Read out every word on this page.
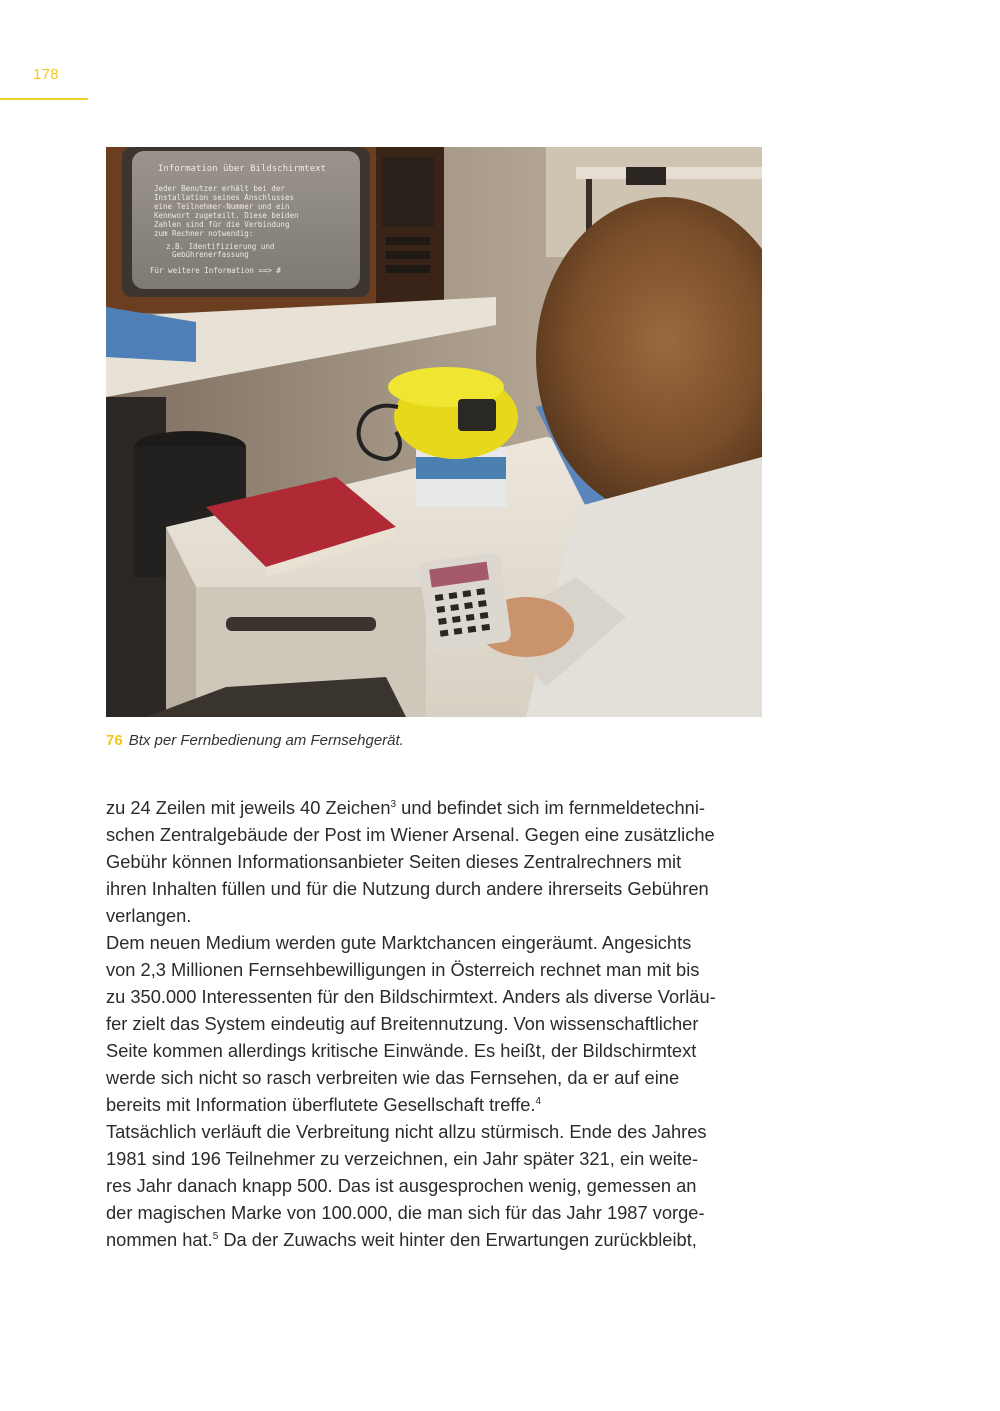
178
Information über Bildschirmtext
Jeder Benutzer erhält bei der
Installation seines Anschlusses
eine Teilnehmer-Nummer und ein
Kennwort zugeteilt. Diese beiden
Zahlen sind für die Verbindung
zum Rechner notwendig:
z.B. Identifizierung und
Gebührenerfassung
Für weitere Information ==> #
76 Btx per Fernbedienung am Fernsehgerät.
zu 24 Zeilen mit jeweils 40 Zeichen$^3$ und befindet sich im fernmeldetechni-
schen Zentralgebäude der Post im Wiener Arsenal. Gegen eine zusätzliche
Gebühr können Informationsanbieter Seiten dieses Zentralrechners mit
ihren Inhalten füllen und für die Nutzung durch andere ihrerseits Gebühren
verlangen.
Dem neuen Medium werden gute Marktchancen eingeräumt. Angesichts
von 2,3 Millionen Fernsehbewilligungen in Österreich rechnet man mit bis
zu 350.000 Interessenten für den Bildschirmtext. Anders als diverse Vorläu-
fer zielt das System eindeutig auf Breitennutzung. Von wissenschaftlicher
Seite kommen allerdings kritische Einwände. Es heißt, der Bildschirmtext
werde sich nicht so rasch verbreiten wie das Fernsehen, da er auf eine
bereits mit Information überflutete Gesellschaft treffe.$^4$
Tatsächlich verläuft die Verbreitung nicht allzu stürmisch. Ende des Jahres
1981 sind 196 Teilnehmer zu verzeichnen, ein Jahr später 321, ein weite-
res Jahr danach knapp 500. Das ist ausgesprochen wenig, gemessen an
der magischen Marke von 100.000, die man sich für das Jahr 1987 vorge-
nommen hat.$^5$ Da der Zuwachs weit hinter den Erwartungen zurückbleibt,
